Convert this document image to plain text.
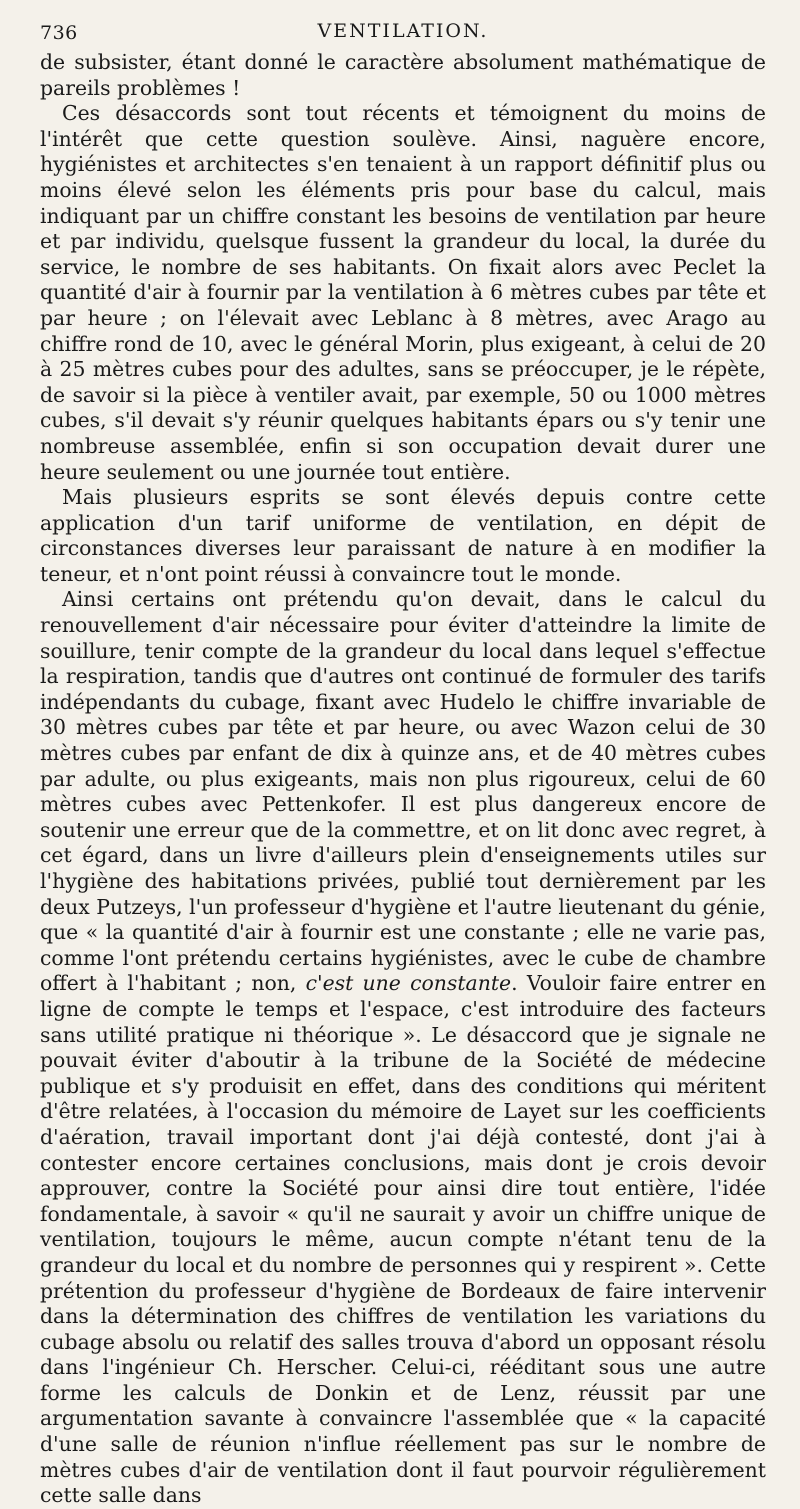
736	VENTILATION.

de subsister, étant donné le caractère absolument mathématique de pareils problèmes !

Ces désaccords sont tout récents et témoignent du moins de l'intérêt que cette question soulève. Ainsi, naguère encore, hygiénistes et architectes s'en tenaient à un rapport définitif plus ou moins élevé selon les éléments pris pour base du calcul, mais indiquant par un chiffre constant les besoins de ventilation par heure et par individu, quelsque fussent la grandeur du local, la durée du service, le nombre de ses habitants. On fixait alors avec Peclet la quantité d'air à fournir par la ventilation à 6 mètres cubes par tête et par heure ; on l'élevait avec Leblanc à 8 mètres, avec Arago au chiffre rond de 10, avec le général Morin, plus exigeant, à celui de 20 à 25 mètres cubes pour des adultes, sans se préoccuper, je le répète, de savoir si la pièce à ventiler avait, par exemple, 50 ou 1000 mètres cubes, s'il devait s'y réunir quelques habitants épars ou s'y tenir une nombreuse assemblée, enfin si son occupation devait durer une heure seulement ou une journée tout entière.

Mais plusieurs esprits se sont élevés depuis contre cette application d'un tarif uniforme de ventilation, en dépit de circonstances diverses leur paraissant de nature à en modifier la teneur, et n'ont point réussi à convaincre tout le monde.

Ainsi certains ont prétendu qu'on devait, dans le calcul du renouvellement d'air nécessaire pour éviter d'atteindre la limite de souillure, tenir compte de la grandeur du local dans lequel s'effectue la respiration, tandis que d'autres ont continué de formuler des tarifs indépendants du cubage, fixant avec Hudelo le chiffre invariable de 30 mètres cubes par tête et par heure, ou avec Wazon celui de 30 mètres cubes par enfant de dix à quinze ans, et de 40 mètres cubes par adulte, ou plus exigeants, mais non plus rigoureux, celui de 60 mètres cubes avec Pettenkofer. Il est plus dangereux encore de soutenir une erreur que de la commettre, et on lit donc avec regret, à cet égard, dans un livre d'ailleurs plein d'enseignements utiles sur l'hygiène des habitations privées, publié tout dernièrement par les deux Putzeys, l'un professeur d'hygiène et l'autre lieutenant du génie, que « la quantité d'air à fournir est une constante ; elle ne varie pas, comme l'ont prétendu certains hygiénistes, avec le cube de chambre offert à l'habitant ; non, c'est une constante. Vouloir faire entrer en ligne de compte le temps et l'espace, c'est introduire des facteurs sans utilité pratique ni théorique ». Le désaccord que je signale ne pouvait éviter d'aboutir à la tribune de la Société de médecine publique et s'y produisit en effet, dans des conditions qui méritent d'être relatées, à l'occasion du mémoire de Layet sur les coefficients d'aération, travail important dont j'ai déjà contesté, dont j'ai à contester encore certaines conclusions, mais dont je crois devoir approuver, contre la Société pour ainsi dire tout entière, l'idée fondamentale, à savoir « qu'il ne saurait y avoir un chiffre unique de ventilation, toujours le même, aucun compte n'étant tenu de la grandeur du local et du nombre de personnes qui y respirent ». Cette prétention du professeur d'hygiène de Bordeaux de faire intervenir dans la détermination des chiffres de ventilation les variations du cubage absolu ou relatif des salles trouva d'abord un opposant résolu dans l'ingénieur Ch. Herscher. Celui-ci, rééditant sous une autre forme les calculs de Donkin et de Lenz, réussit par une argumentation savante à convaincre l'assemblée que « la capacité d'une salle de réunion n'influe réellement pas sur le nombre de mètres cubes d'air de ventilation dont il faut pourvoir régulièrement cette salle dans
